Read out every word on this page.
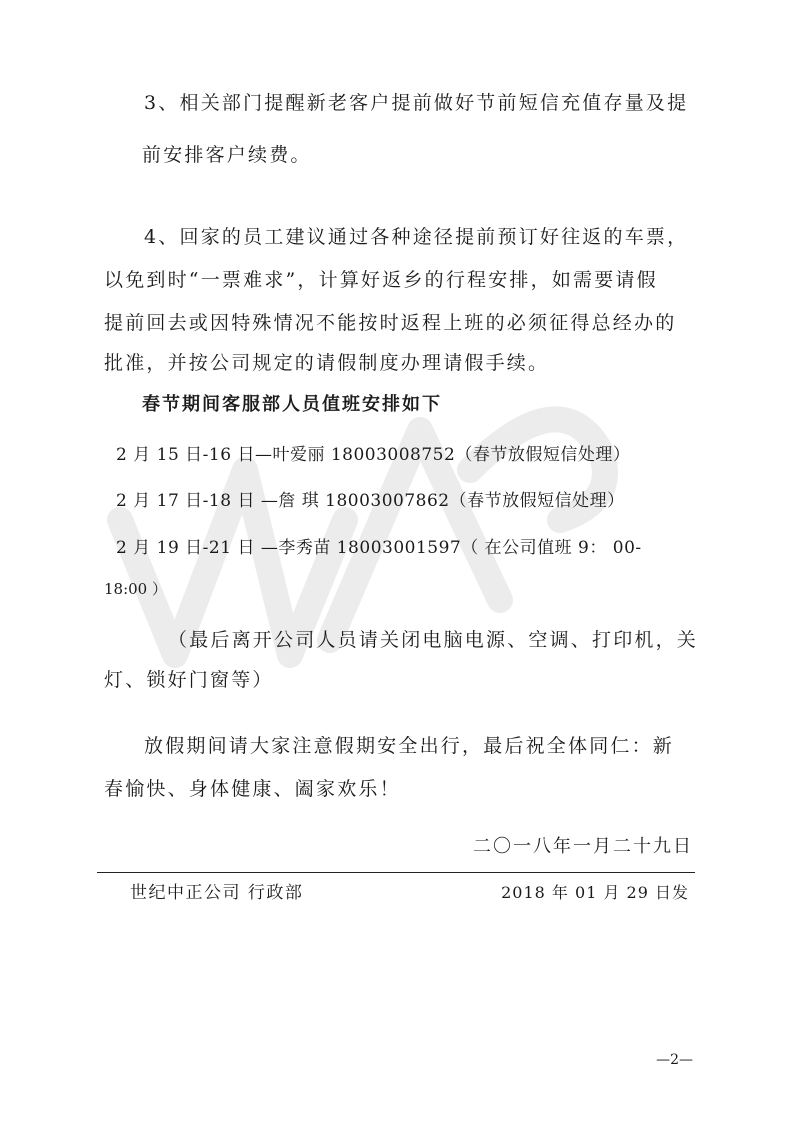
3、相关部门提醒新老客户提前做好节前短信充值存量及提

前安排客户续费。

4、回家的员工建议通过各种途径提前预订好往返的车票，

以免到时“一票难求”，计算好返乡的行程安排，如需要请假

提前回去或因特殊情况不能按时返程上班的必须征得总经办的

批准，并按公司规定的请假制度办理请假手续。

春节期间客服部人员值班安排如下

2 月 15 日-16 日—叶爱丽 18003008752（春节放假短信处理）

2 月 17 日-18 日 —詹 琪 18003007862（春节放假短信处理）

2 月 19 日-21 日 —李秀苗 18003001597（ 在公司值班 9： 00-

18:00 ）

（最后离开公司人员请关闭电脑电源、空调、打印机，关

灯、锁好门窗等）

放假期间请大家注意假期安全出行，最后祝全体同仁：新

春愉快、身体健康、阖家欢乐！

二〇一八年一月二十九日

世纪中正公司 行政部	2018 年 01 月 29 日发

—2—
